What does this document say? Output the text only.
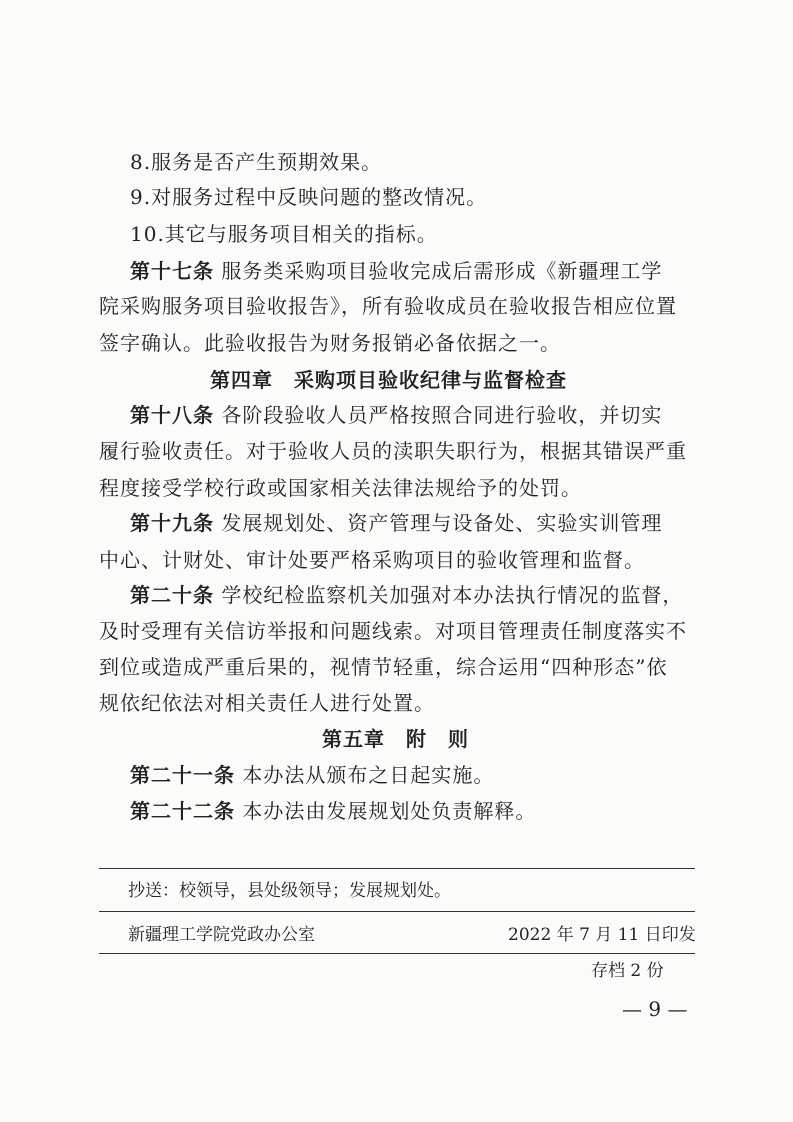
8.服务是否产生预期效果。
9.对服务过程中反映问题的整改情况。
10.其它与服务项目相关的指标。
第十七条 服务类采购项目验收完成后需形成《新疆理工学
院采购服务项目验收报告》，所有验收成员在验收报告相应位置
签字确认。此验收报告为财务报销必备依据之一。
第四章　采购项目验收纪律与监督检查
第十八条 各阶段验收人员严格按照合同进行验收，并切实
履行验收责任。对于验收人员的渎职失职行为，根据其错误严重
程度接受学校行政或国家相关法律法规给予的处罚。
第十九条 发展规划处、资产管理与设备处、实验实训管理
中心、计财处、审计处要严格采购项目的验收管理和监督。
第二十条 学校纪检监察机关加强对本办法执行情况的监督，
及时受理有关信访举报和问题线索。对项目管理责任制度落实不
到位或造成严重后果的，视情节轻重，综合运用“四种形态”依
规依纪依法对相关责任人进行处置。
第五章　附　则
第二十一条 本办法从颁布之日起实施。
第二十二条 本办法由发展规划处负责解释。
抄送：校领导，县处级领导；发展规划处。
新疆理工学院党政办公室	2022 年 7 月 11 日印发
存档 2 份
— 9 —
